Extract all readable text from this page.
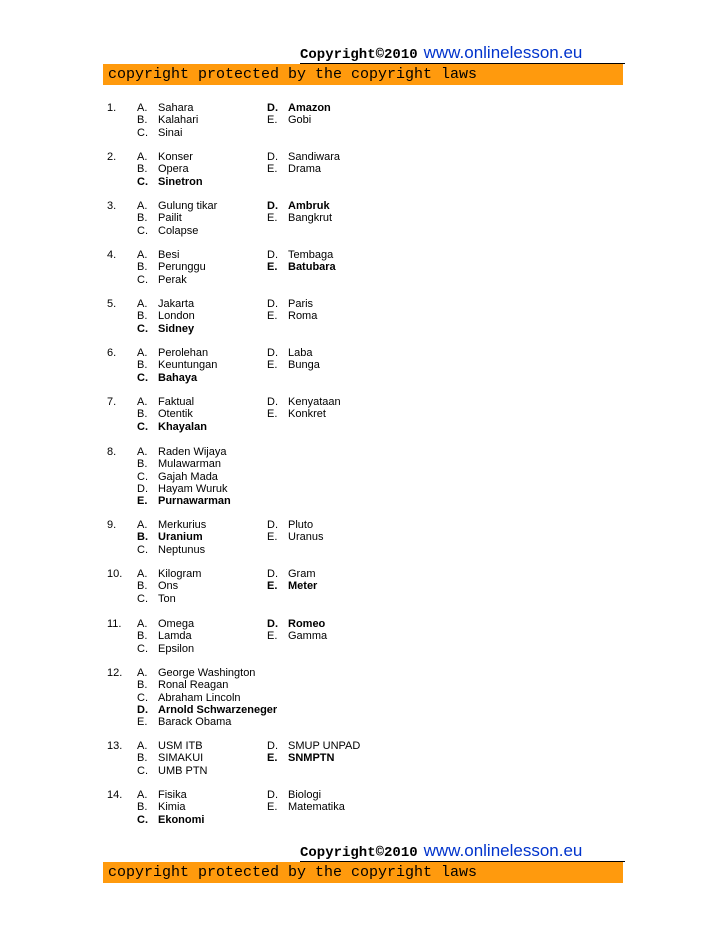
Copyright©2010 www.onlinelesson.eu
copyright protected by the copyright laws
1. A. Sahara
B. Kalahari
C. Sinai
D. Amazon
E. Gobi
2. A. Konser
B. Opera
C. Sinetron
D. Sandiwara
E. Drama
3. A. Gulung tikar
B. Pailit
C. Colapse
D. Ambruk
E. Bangkrut
4. A. Besi
B. Perunggu
C. Perak
D. Tembaga
E. Batubara
5. A. Jakarta
B. London
C. Sidney
D. Paris
E. Roma
6. A. Perolehan
B. Keuntungan
C. Bahaya
D. Laba
E. Bunga
7. A. Faktual
B. Otentik
C. Khayalan
D. Kenyataan
E. Konkret
8. A. Raden Wijaya
B. Mulawarman
C. Gajah Mada
D. Hayam Wuruk
E. Purnawarman
9. A. Merkurius
B. Uranium
C. Neptunus
D. Pluto
E. Uranus
10. A. Kilogram
B. Ons
C. Ton
D. Gram
E. Meter
11. A. Omega
B. Lamda
C. Epsilon
D. Romeo
E. Gamma
12. A. George Washington
B. Ronal Reagan
C. Abraham Lincoln
D. Arnold Schwarzeneger
E. Barack Obama
13. A. USM ITB
B. SIMAKUI
C. UMB PTN
D. SMUP UNPAD
E. SNMPTN
14. A. Fisika
B. Kimia
C. Ekonomi
D. Biologi
E. Matematika
Copyright©2010 www.onlinelesson.eu
copyright protected by the copyright laws
